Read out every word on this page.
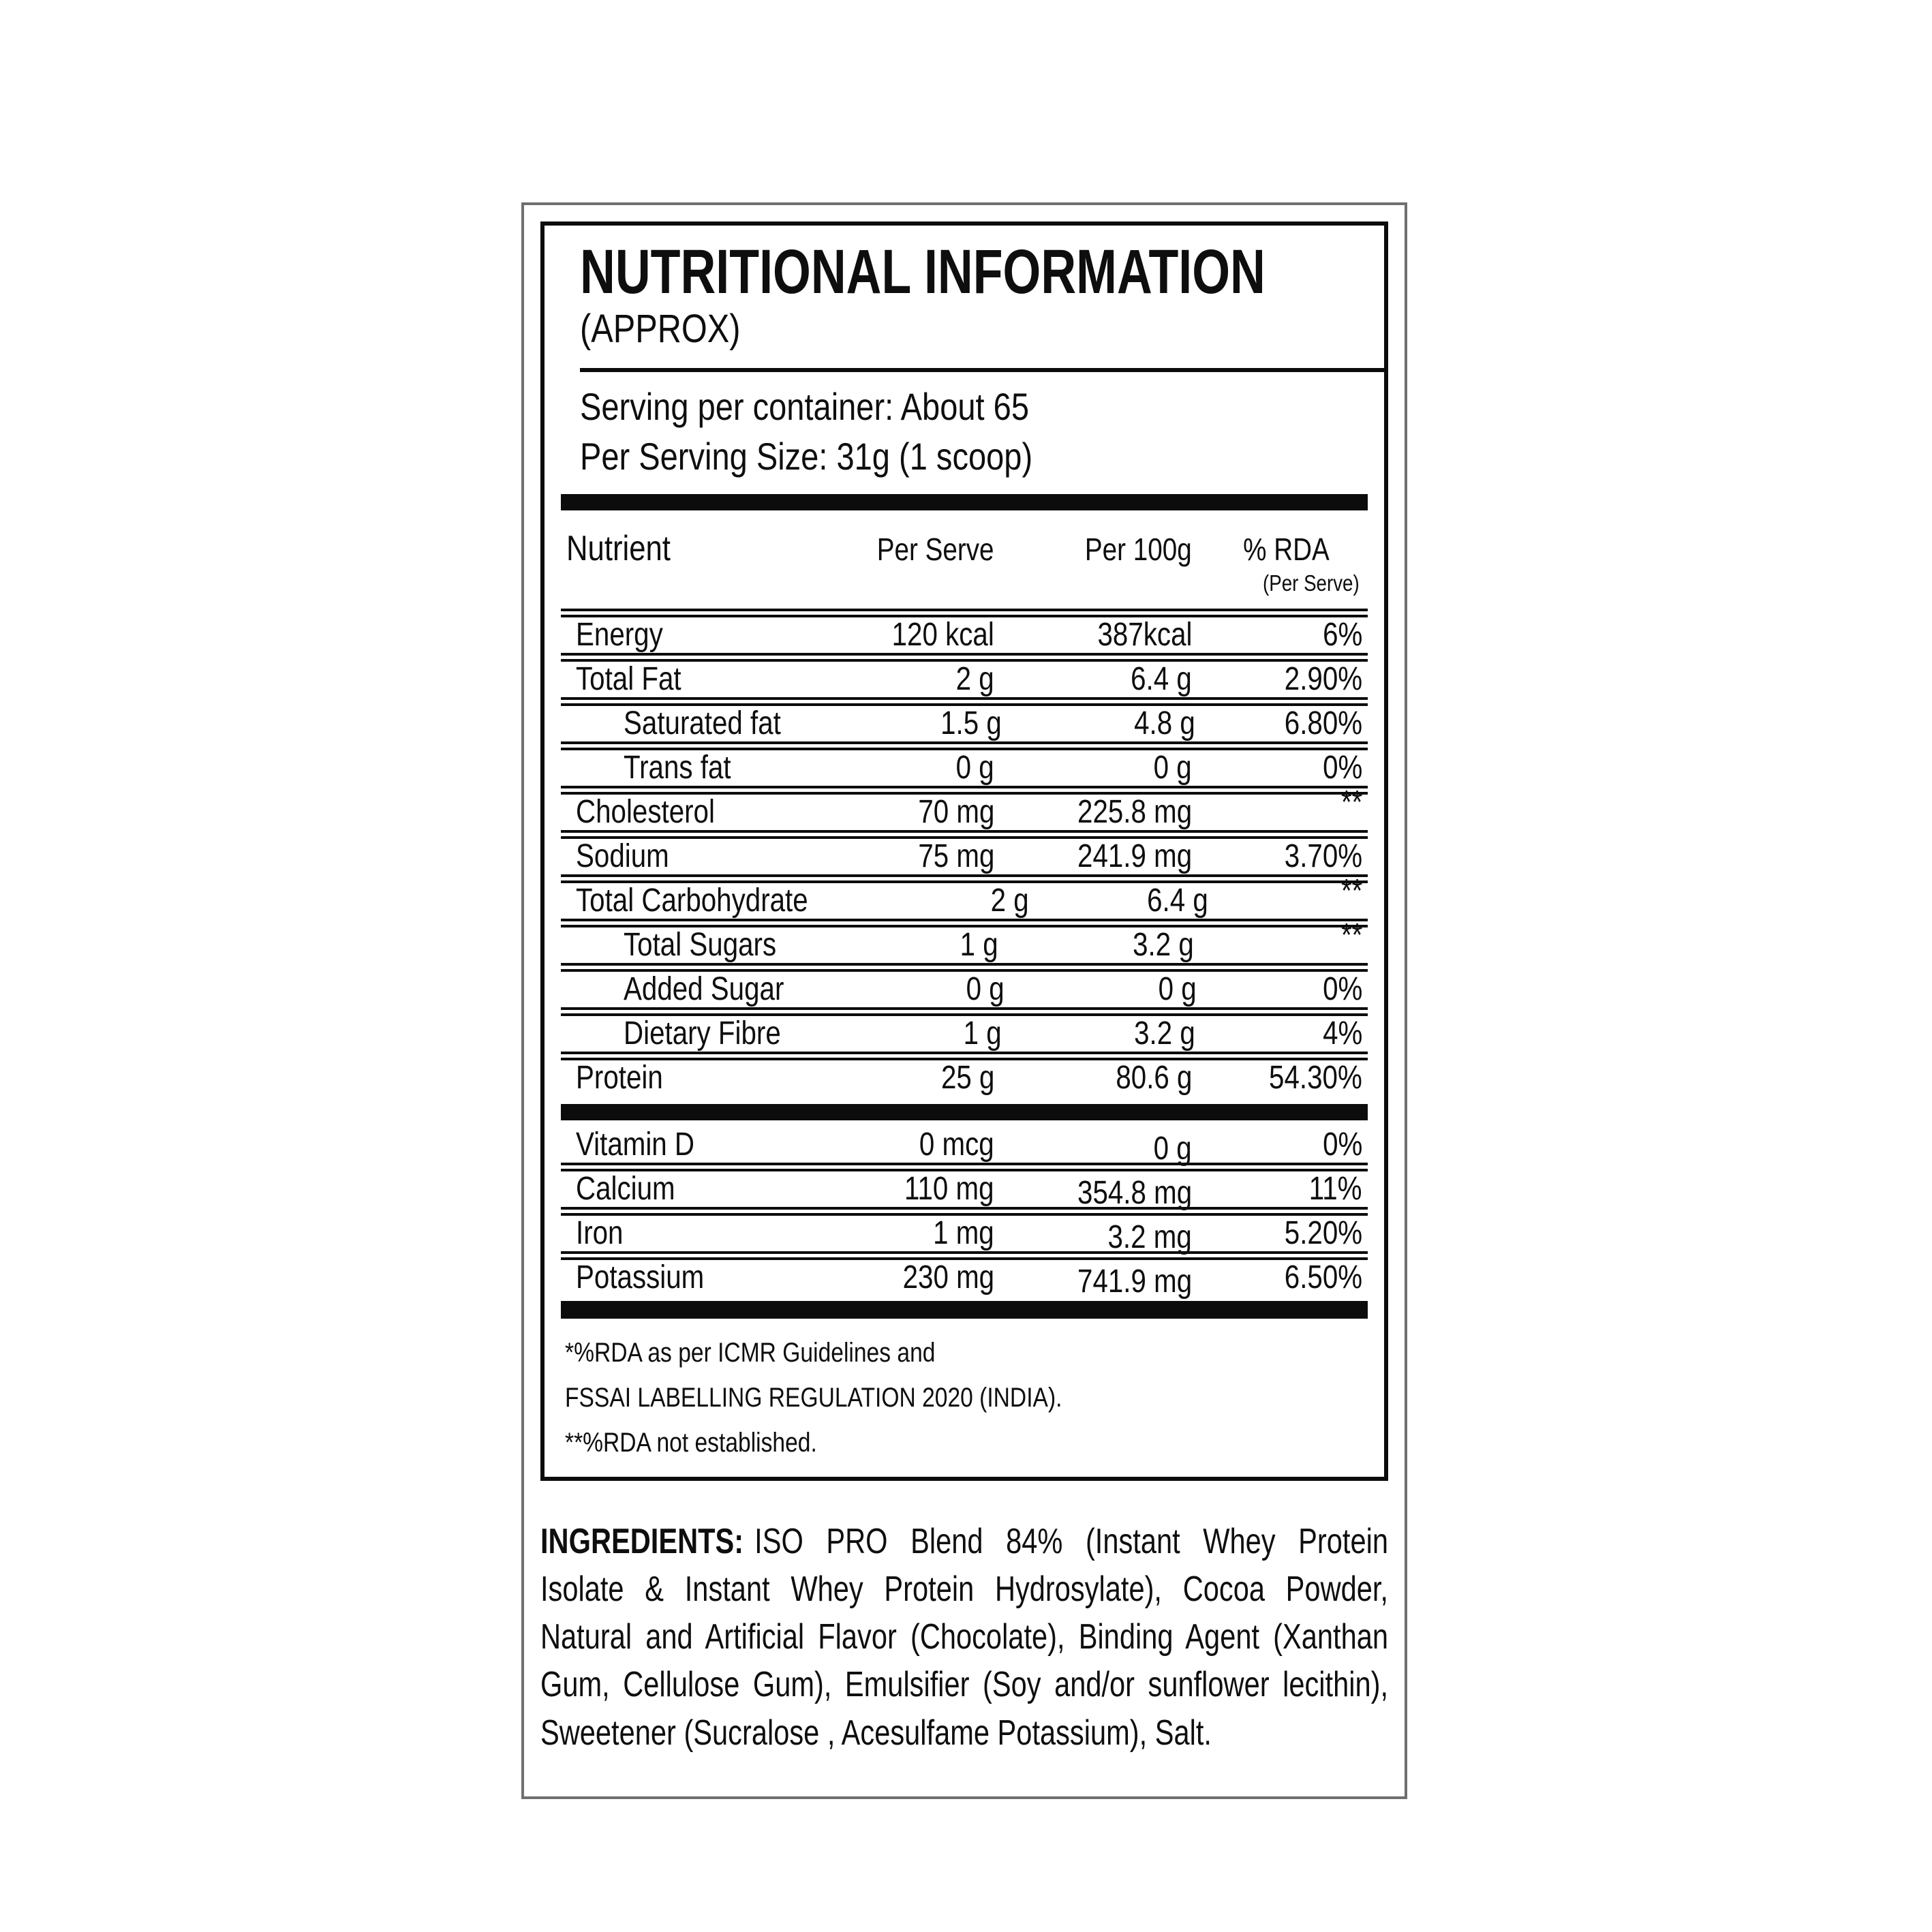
NUTRITIONAL INFORMATION
(APPROX)
Serving per container: About 65
Per Serving Size: 31g (1 scoop)
Nutrient	Per Serve	Per 100g	% RDA
(Per Serve)
Energy	120 kcal	387kcal	6%
Total Fat	2 g	6.4 g	2.90%
Saturated fat	1.5 g	4.8 g	6.80%
Trans fat	0 g	0 g	0%
Cholesterol	70 mg	225.8 mg	**
Sodium	75 mg	241.9 mg	3.70%
Total Carbohydrate	2 g	6.4 g	**
Total Sugars	1 g	3.2 g	**
Added Sugar	0 g	0 g	0%
Dietary Fibre	1 g	3.2 g	4%
Protein	25 g	80.6 g	54.30%
Vitamin D	0 mcg	0 g	0%
Calcium	110 mg	354.8 mg	11%
Iron	1 mg	3.2 mg	5.20%
Potassium	230 mg	741.9 mg	6.50%
*%RDA as per ICMR Guidelines and
FSSAI LABELLING REGULATION 2020 (INDIA).
**%RDA not established.
INGREDIENTS: ISO PRO Blend 84% (Instant Whey Protein Isolate & Instant Whey Protein Hydrosylate), Cocoa Powder, Natural and Artificial Flavor (Chocolate), Binding Agent (Xanthan Gum, Cellulose Gum), Emulsifier (Soy and/or sunflower lecithin), Sweetener (Sucralose , Acesulfame Potassium), Salt.
